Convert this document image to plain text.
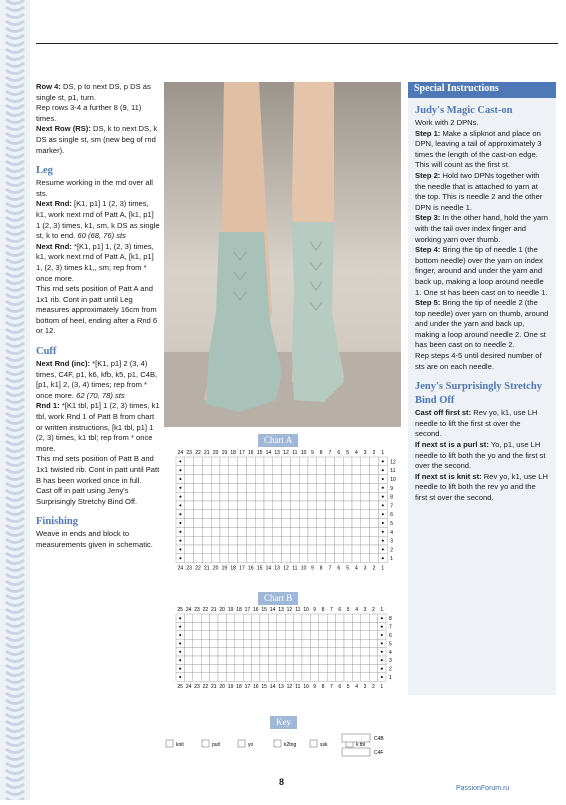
Row 4: DS, p to next DS, p DS as single st, p1, turn.

Rep rows 3-4 a further 8 (9, 11) times.

Next Row (RS): DS, k to next DS, k DS as single st, sm (new beg of rnd marker).

Leg

Resume working in the rnd over all sts.

Next Rnd: [K1, p1] 1 (2, 3) times, k1, work next rnd of Patt A, [k1, p1] 1 (2, 3) times, k1, sm, k DS as single st, k to end. 60 (68, 76) sts

Next Rnd: *[K1, p1] 1, (2, 3) times, k1, work next rnd of Patt A, [k1, p1] 1, (2, 3) times k1,, sm; rep from * once more.

This rnd sets position of Patt A and 1x1 rib. Cont in patt until Leg measures approximately 16cm from bottom of heel, ending after a Rnd 6 or 12.

Cuff

Next Rnd (inc): *[K1, p1] 2 (3, 4) times, C4F, p1, k6, kfb, k5, p1, C4B, [p1, k1] 2, (3, 4) times; rep from * once more. 62 (70, 78) sts

Rnd 1: *[K1 tbl, p1] 1 (2, 3) times, k1 tbl, work Rnd 1 of Patt B from chart or written instructions, [k1 tbl, p1] 1 (2, 3) times, k1 tbl; rep from * once more.

This rnd sets position of Patt B and 1x1 twisted rib. Cont in patt until Patt B has been worked once in full.

Cast off in patt using Jeny's Surprisingly Stretchy Bind Off.

Finishing

Weave in ends and block to measurements given in schematic.

Special Instructions

Judy's Magic Cast-on

Work with 2 DPNs.

Step 1: Make a slipknot and place on DPN, leaving a tail of approximately 3 times the length of the cast-on edge. This will count as the first st.

Step 2: Hold two DPNs together with the needle that is attached to yarn at the top. This is needle 2 and the other DPN is needle 1.

Step 3: In the other hand, hold the yarn with the tail over index finger and working yarn over thumb.

Step 4: Bring the tip of needle 1 (the bottom needle) over the yarn on index finger, around and under the yarn and back up, making a loop around needle 1. One st has been cast on to needle 1.

Step 5: Bring the tip of needle 2 (the top needle) over yarn on thumb, around and under the yarn and back up, making a loop around needle 2. One st has been cast on to needle 2.

Rep steps 4-5 until desired number of sts are on each needle.

Jeny's Surprisingly Stretchy Bind Off

Cast off first st: Rev yo, k1, use LH needle to lift the first st over the second.

If next st is a purl st: Yo, p1, use LH needle to lift both the yo and the first st over the second.

If next st is knit st: Rev yo, k1, use LH needle to lift both the rev yo and the first st over the second.

Chart A
24
24
23
23
22
22
21
21
20
20
19
19
18
18
17
17
16
16
15
15
14
14
13
13
12
12
11
11
10
10
9
9
8
8
7
7
6
6
5
5
4
4
3
3
2
2
1
1
12
11
10
9
8
7
6
5
4
3
2
1
Chart B
25
25
24
24
23
23
22
22
21
21
20
20
19
19
18
18
17
17
16
16
15
15
14
14
13
13
12
12
11
11
10
10
9
9
8
8
7
7
6
6
5
5
4
4
3
3
2
2
1
1
8
7
6
5
4
3
2
1
Key
knit	purl	yo	k2tog	ssk	k tbl
C4B
C4F
8
PassionForum.ru
